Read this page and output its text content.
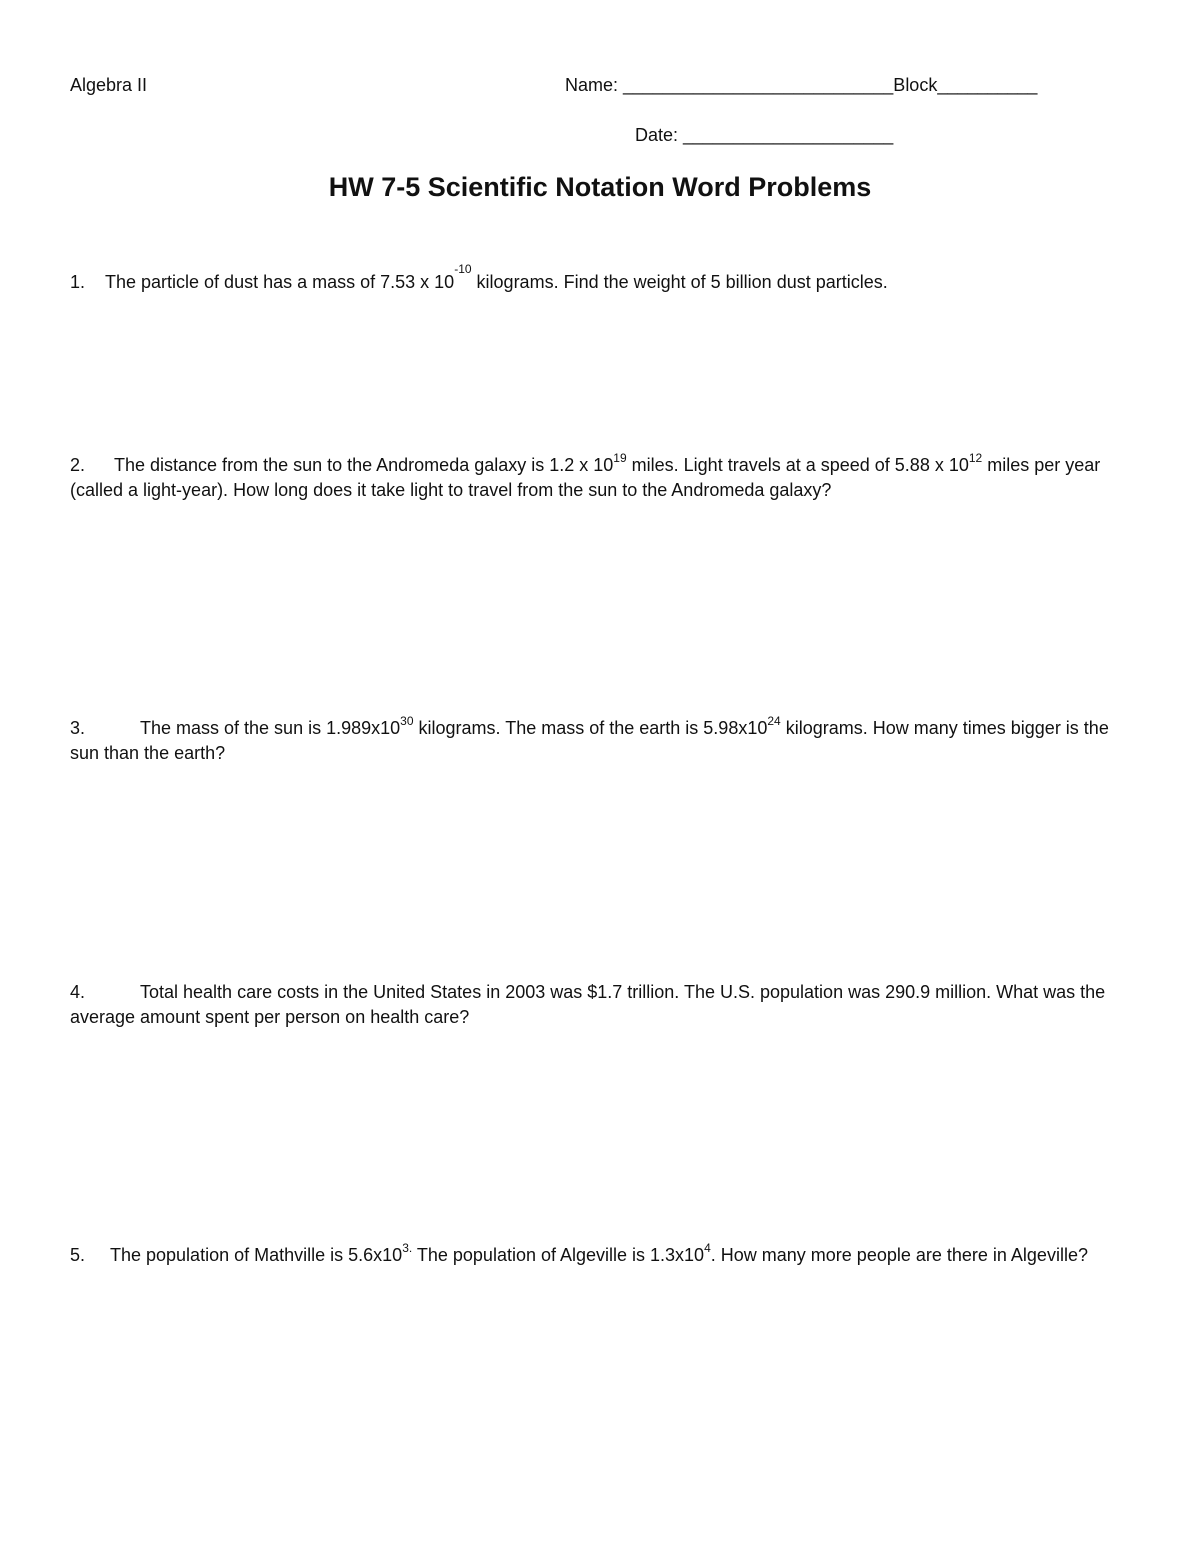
Algebra II	Name: ___________________________Block__________
Date: _____________________
HW 7-5 Scientific Notation Word Problems
1. The particle of dust has a mass of 7.53 x $10^{-10}$ kilograms. Find the weight of 5 billion dust particles.
2. The distance from the sun to the Andromeda galaxy is 1.2 x $10^{19}$ miles. Light travels at a speed of 5.88 x $10^{12}$ miles per year (called a light-year). How long does it take light to travel from the sun to the Andromeda galaxy?
3.	The mass of the sun is $1.989x10^{30}$ kilograms. The mass of the earth is $5.98x10^{24}$ kilograms. How many times bigger is the sun than the earth?
4.	Total health care costs in the United States in 2003 was $1.7 trillion. The U.S. population was 290.9 million. What was the average amount spent per person on health care?
5. The population of Mathville is $5.6x10^{3.}$ The population of Algeville is $1.3x10^4$. How many more people are there in Algeville?
